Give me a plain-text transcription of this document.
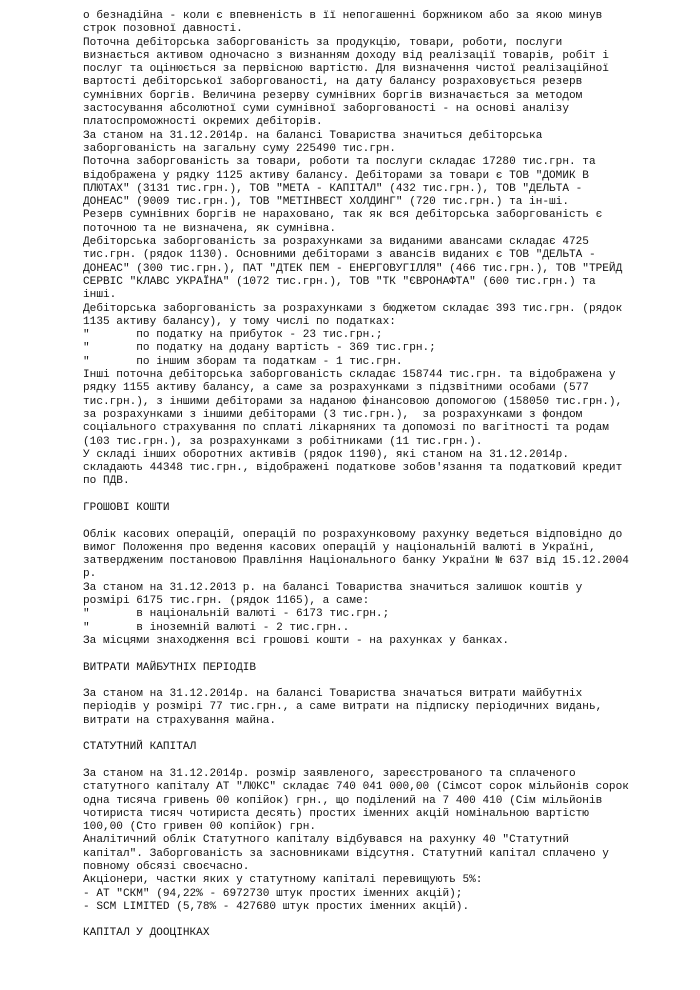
о безнадійна - коли є впевненість в її непогашенні боржником або за якою минув
строк позовної давності.
Поточна дебіторська заборгованість за продукцію, товари, роботи, послуги
визнається активом одночасно з визнанням доходу від реалізації товарів, робіт і
послуг та оцінюється за первісною вартістю. Для визначення чистої реалізаційної
вартості дебіторської заборгованості, на дату балансу розраховується резерв
сумнівних боргів. Величина резерву сумнівних боргів визначається за методом
застосування абсолютної суми сумнівної заборгованості - на основі аналізу
платоспроможності окремих дебіторів.
За станом на 31.12.2014р. на балансі Товариства значиться дебіторська
заборгованість на загальну суму 225490 тис.грн.
Поточна заборгованість за товари, роботи та послуги складає 17280 тис.грн. та
відображена у рядку 1125 активу балансу. Дебіторами за товари є ТОВ "ДОМИК В
ПЛЮТАХ" (3131 тис.грн.), ТОВ "МЕТА - КАПІТАЛ" (432 тис.грн.), ТОВ "ДЕЛЬТА -
ДОНЕАС" (9009 тис.грн.), ТОВ "МЕТІНВЕСТ ХОЛДИНГ" (720 тис.грн.) та ін-ші.
Резерв сумнівних боргів не нараховано, так як вся дебіторська заборгованість є
поточною та не визначена, як сумнівна.
Дебіторська заборгованість за розрахунками за виданими авансами складає 4725
тис.грн. (рядок 1130). Основними дебіторами з авансів виданих є ТОВ "ДЕЛЬТА -
ДОНЕАС" (300 тис.грн.), ПАТ "ДТЕК ПЕМ - ЕНЕРГОВУГІЛЛЯ" (466 тис.грн.), ТОВ "ТРЕЙД
СЕРВІС "КЛАВС УКРАЇНА" (1072 тис.грн.), ТОВ "ТК "ЄВРОНАФТА" (600 тис.грн.) та
інші.
Дебіторська заборгованість за розрахунками з бюджетом складає 393 тис.грн. (рядок
1135 активу балансу), у тому числі по податках:
"       по податку на прибуток - 23 тис.грн.;
"       по податку на додану вартість - 369 тис.грн.;
"       по іншим зборам та податкам - 1 тис.грн.
Інші поточна дебіторська заборгованість складає 158744 тис.грн. та відображена у
рядку 1155 активу балансу, а саме за розрахунками з підзвітними особами (577
тис.грн.), з іншими дебіторами за наданою фінансовою допомогою (158050 тис.грн.),
за розрахунками з іншими дебіторами (3 тис.грн.),  за розрахунками з фондом
соціального страхування по сплаті лікарняних та допомозі по вагітності та родам
(103 тис.грн.), за розрахунками з робітниками (11 тис.грн.).
У складі інших оборотних активів (рядок 1190), які станом на 31.12.2014р.
складають 44348 тис.грн., відображені податкове зобов'язання та податковий кредит
по ПДВ.
ГРОШОВІ КОШТИ
Облік касових операцій, операцій по розрахунковому рахунку ведеться відповідно до
вимог Положення про ведення касових операцій у національній валюті в Україні,
затвердженим постановою Правління Національного банку України № 637 від 15.12.2004
р.
За станом на 31.12.2013 р. на балансі Товариства значиться залишок коштів у
розмірі 6175 тис.грн. (рядок 1165), а саме:
"       в національній валюті - 6173 тис.грн.;
"       в іноземній валюті - 2 тис.грн..
За місцями знаходження всі грошові кошти - на рахунках у банках.
ВИТРАТИ МАЙБУТНІХ ПЕРІОДІВ
За станом на 31.12.2014р. на балансі Товариства значаться витрати майбутніх
періодів у розмірі 77 тис.грн., а саме витрати на підписку періодичних видань,
витрати на страхування майна.
СТАТУТНИЙ КАПІТАЛ
За станом на 31.12.2014р. розмір заявленого, зареєстрованого та сплаченого
статутного капіталу АТ "ЛЮКС" складає 740 041 000,00 (Сімсот сорок мільйонів сорок
одна тисяча гривень 00 копійок) грн., що поділений на 7 400 410 (Сім мільйонів
чотириста тисяч чотириста десять) простих іменних акцій номінальною вартістю
100,00 (Сто гривен 00 копійок) грн.
Аналітичний облік Статутного капіталу відбувався на рахунку 40 "Статутний
капітал". Заборгованість за засновниками відсутня. Статутний капітал сплачено у
повному обсязі своєчасно.
Акціонери, частки яких у статутному капіталі перевищують 5%:
- АТ "СКМ" (94,22% - 6972730 штук простих іменних акцій);
- SCM LIMITED (5,78% - 427680 штук простих іменних акцій).
КАПІТАЛ У ДООЦІНКАХ
